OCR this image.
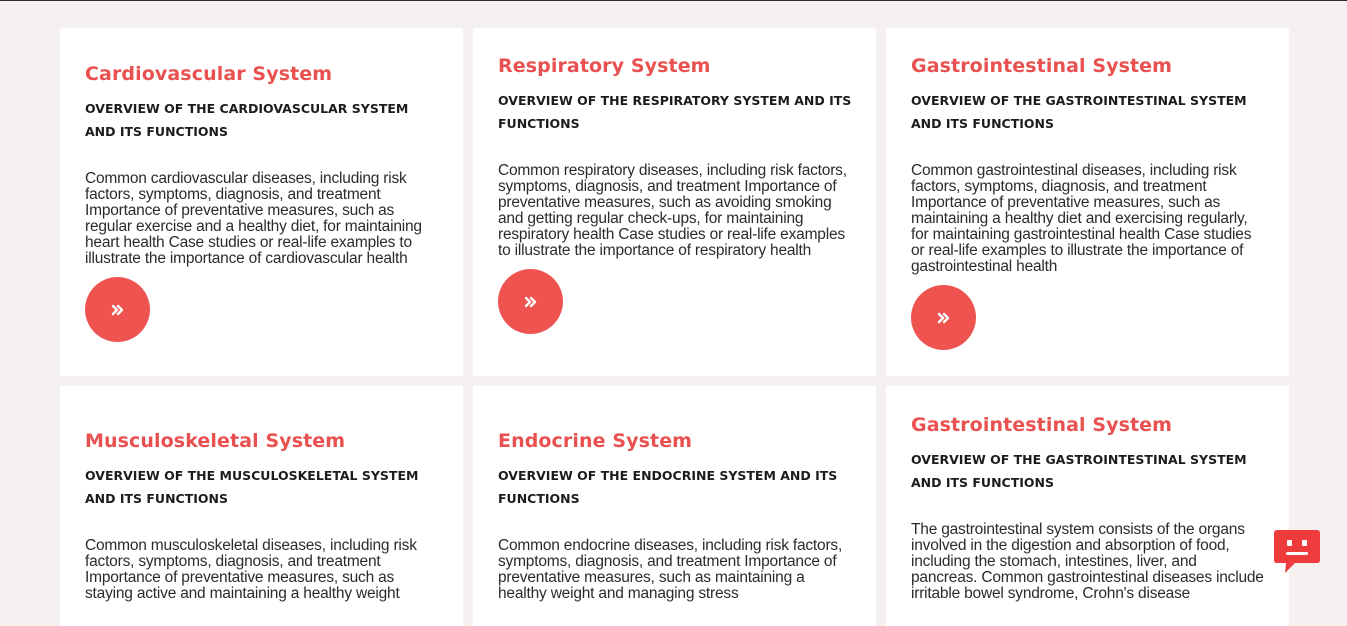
Cardiovascular System
OVERVIEW OF THE CARDIOVASCULAR SYSTEM AND ITS FUNCTIONS
Common cardiovascular diseases, including risk factors, symptoms, diagnosis, and treatment Importance of preventative measures, such as regular exercise and a healthy diet, for maintaining heart health Case studies or real-life examples to illustrate the importance of cardiovascular health
Respiratory System
OVERVIEW OF THE RESPIRATORY SYSTEM AND ITS FUNCTIONS
Common respiratory diseases, including risk factors, symptoms, diagnosis, and treatment Importance of preventative measures, such as avoiding smoking and getting regular check-ups, for maintaining respiratory health Case studies or real-life examples to illustrate the importance of respiratory health
Gastrointestinal System
OVERVIEW OF THE GASTROINTESTINAL SYSTEM AND ITS FUNCTIONS
Common gastrointestinal diseases, including risk factors, symptoms, diagnosis, and treatment Importance of preventative measures, such as maintaining a healthy diet and exercising regularly, for maintaining gastrointestinal health Case studies or real-life examples to illustrate the importance of gastrointestinal health
Musculoskeletal System
OVERVIEW OF THE MUSCULOSKELETAL SYSTEM AND ITS FUNCTIONS
Common musculoskeletal diseases, including risk factors, symptoms, diagnosis, and treatment Importance of preventative measures, such as staying active and maintaining a healthy weight
Endocrine System
OVERVIEW OF THE ENDOCRINE SYSTEM AND ITS FUNCTIONS
Common endocrine diseases, including risk factors, symptoms, diagnosis, and treatment Importance of preventative measures, such as maintaining a healthy weight and managing stress
Gastrointestinal System
OVERVIEW OF THE GASTROINTESTINAL SYSTEM AND ITS FUNCTIONS
The gastrointestinal system consists of the organs involved in the digestion and absorption of food, including the stomach, intestines, liver, and pancreas. Common gastrointestinal diseases include irritable bowel syndrome, Crohn's disease
